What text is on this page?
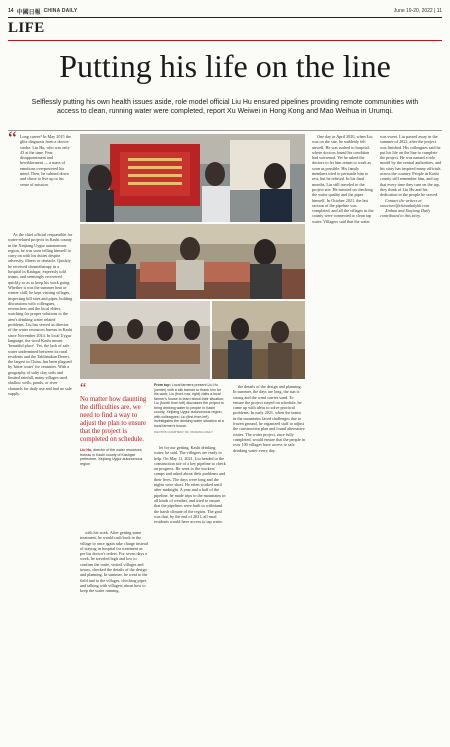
14 中國日報 CHINA DAILY	June 19-20, 2022 | 11
LIFE
Putting his life on the line
Selflessly putting his own health issues aside, role model official Liu Hu ensured pipelines providing remote communities with access to clean, running water were completed, report Xu Weiwei in Hong Kong and Mao Weihua in Urumqi.
“ Long career? In May 2015 the glitz diagnosis from a doctor: stroke. Liu Hu, who was only 43 at the time. Fear, disappointment and bewilderment — a mass of emotions overpowered his mind. Then, he calmed down and chose to live up to his sense of mission.

As the chief official responsible for water-related projects in Kashi county in the Xinjiang Uygur autonomous region, he was soon telling himself to carry on with his duties despite adversity, illness or obstacle. Quickly, he received chemotherapy in a hospital in Kashgar, expressly told teams, and seemingly recovered quickly so as to keep his work going. Whether it was the summer heat or winter chill, he kept visiting villages, inspecting hill sites and pipes, holding discussions with colleagues, researchers and the local elders, watching for proper solutions to the area's drinking water related problems. Liu has served as director of the water resources bureau in Kashi since November 2014. In local Uygur language, the word Kashi means 'beautiful place'. Yet, the lack of safe water undermined between its rural residents and the Taklimakan Desert, the largest in China, has been plagued by 'bitter water' for centuries. With a geography of salty clay soils and limited rainfall, many villages used shallow wells, ponds, or river channels for daily use and had no safe supply.	“
No matter how daunting the difficulties are, we need to find a way to adjust the plan to ensure that the project is completed on schedule.
Liu Hu, director of the water resources bureau in Kashi county of Kashgar prefecture, Xinjiang Uygur autonomous region

with his work. After getting some treatment, he would rush back to the village to once again take charge instead of staying in hospital for treatment as per his doctor's orders. For seven days a week, he traveled high and low to confirm the route, visited villages and towns, checked the details of the design and planning. In summer, he went to the field and to the villages, checking pipes and talking with villagers about how to keep the water running.

From top: Local farmers present Liu Hu (center) with a silk banner to thank him for his work; Liu (front row, right) visits a local farmer's house to learn about their situation; Liu (fourth from left) discusses the project to bring drinking water to people in Kashi county, Xinjiang Uygur autonomous region, with colleagues; Liu (first from left) investigates the drinking water situation at a local farmer's house.
PHOTOS COURTESY OF XINJIANG DAILY

let for our getting, Kashi drinking water, he said. The villagers are ready to help. On May 11, 2021, Liu headed to the construction site of a key pipeline to check on progress. He went to the workers' camps and asked about their problems and their lives. The days were long and the nights were short. He often worked until after midnight. A year and a half of the pipeline, he made trips to the mountains in all kinds of weather, and tried to ensure that the pipelines were built to withstand the harsh climate of the region. The goal was that, by the end of 2021, all rural residents would have access to tap water.

the details of the design and planning. In summer, the days are long, the sun is strong and the wind carries sand. To ensure the project stayed on schedule, he came up with ideas to solve practical problems. In early 2021, when the teams in the mountains faced challenges due to frozen ground, he organized staff to adjust the construction plan and found alternative routes. The water project, once fully completed, would ensure that the people in over 100 villages have access to safe drinking water every day.

One day in April 2020, when Liu was on the site, he suddenly felt unwell. He was rushed to hospital, where doctors found his condition had worsened. Yet he asked the doctors to let him return to work as soon as possible. His family members tried to persuade him to rest, but he refused. In his final months, Liu still traveled to the project site. He insisted on checking the water quality and the pipes himself. In October 2021, the last section of the pipeline was completed, and all the villages in the county were connected to clean tap water. Villagers said that the water was sweet. Liu passed away in the summer of 2022, after the project was finished. His colleagues said he put his life on the line to complete the project. He was named a role model by the central authorities, and his story has inspired many officials across the country. People in Kashi county still remember him, and say that every time they turn on the tap, they think of Liu Hu and his dedication to the people he served.

Contact the writers at xuweiwei@chinadailyhk.com

Xinhua and Xinjiang Daily contributed to this story.
